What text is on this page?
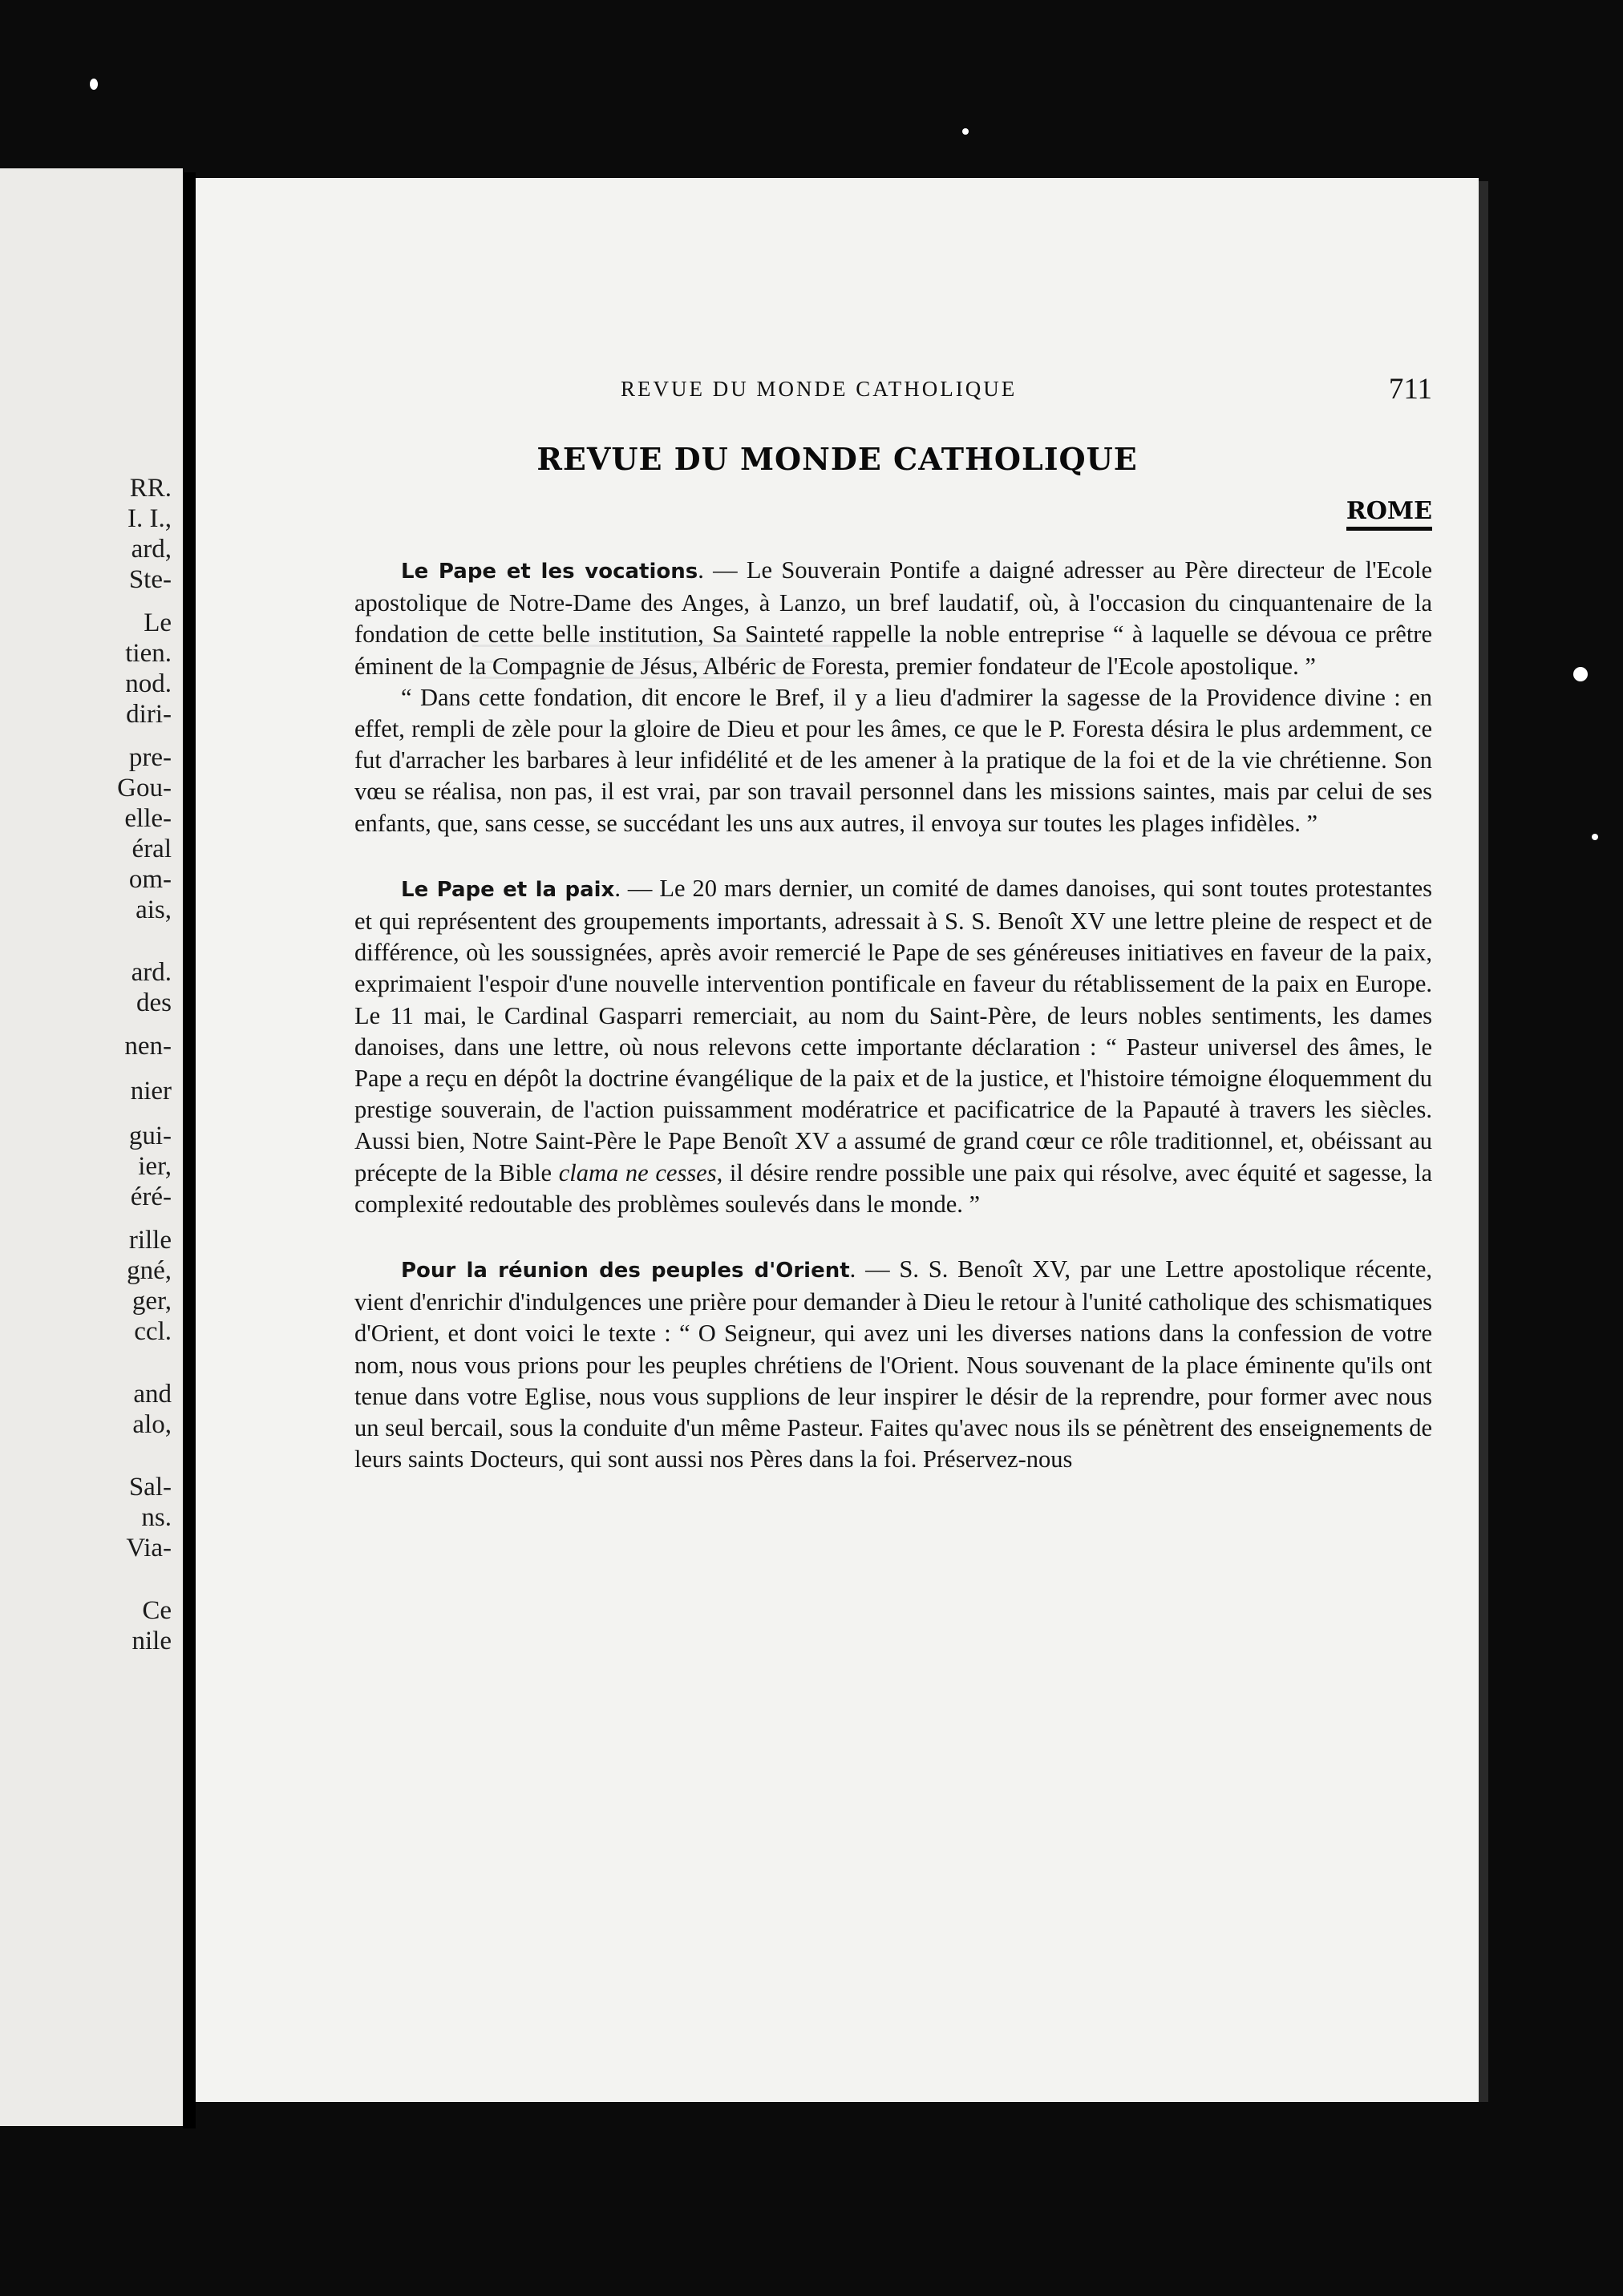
RR.
I. I.,
ard,
Ste-
Le
tien.
nod.
diri-
pre-
Gou-
elle-
éral
om-
ais,
ard.
des
nen-
nier
gui-
ier,
éré-
rille
gné,
ger,
ccl.
and
alo,
Sal-
ns.
Via-
Ce
nile
REVUE DU MONDE CATHOLIQUE	711
REVUE DU MONDE CATHOLIQUE
ROME

Le Pape et les vocations. — Le Souverain Pontife a daigné adresser au Père directeur de l'Ecole apostolique de Notre-Dame des Anges, à Lanzo, un bref laudatif, où, à l'occasion du cinquantenaire de la fondation de cette belle institution, Sa Sainteté rappelle la noble entreprise “ à laquelle se dévoua ce prêtre éminent de la Compagnie de Jésus, Albéric de Foresta, premier fondateur de l'Ecole apostolique. ”

“ Dans cette fondation, dit encore le Bref, il y a lieu d'admirer la sagesse de la Providence divine : en effet, rempli de zèle pour la gloire de Dieu et pour les âmes, ce que le P. Foresta désira le plus ardemment, ce fut d'arracher les barbares à leur infidélité et de les amener à la pratique de la foi et de la vie chrétienne. Son vœu se réalisa, non pas, il est vrai, par son travail personnel dans les missions saintes, mais par celui de ses enfants, que, sans cesse, se succédant les uns aux autres, il envoya sur toutes les plages infidèles. ”

Le Pape et la paix. — Le 20 mars dernier, un comité de dames danoises, qui sont toutes protestantes et qui représentent des groupements importants, adressait à S. S. Benoît XV une lettre pleine de respect et de différence, où les soussignées, après avoir remercié le Pape de ses généreuses initiatives en faveur de la paix, exprimaient l'espoir d'une nouvelle intervention pontificale en faveur du rétablissement de la paix en Europe. Le 11 mai, le Cardinal Gasparri remerciait, au nom du Saint-Père, de leurs nobles sentiments, les dames danoises, dans une lettre, où nous relevons cette importante déclaration : “ Pasteur universel des âmes, le Pape a reçu en dépôt la doctrine évangélique de la paix et de la justice, et l'histoire témoigne éloquemment du prestige souverain, de l'action puissamment modératrice et pacificatrice de la Papauté à travers les siècles. Aussi bien, Notre Saint-Père le Pape Benoît XV a assumé de grand cœur ce rôle traditionnel, et, obéissant au précepte de la Bible clama ne cesses, il désire rendre possible une paix qui résolve, avec équité et sagesse, la complexité redoutable des problèmes soulevés dans le monde. ”

Pour la réunion des peuples d'Orient. — S. S. Benoît XV, par une Lettre apostolique récente, vient d'enrichir d'indulgences une prière pour demander à Dieu le retour à l'unité catholique des schismatiques d'Orient, et dont voici le texte : “ O Seigneur, qui avez uni les diverses nations dans la confession de votre nom, nous vous prions pour les peuples chrétiens de l'Orient. Nous souvenant de la place éminente qu'ils ont tenue dans votre Eglise, nous vous supplions de leur inspirer le désir de la reprendre, pour former avec nous un seul bercail, sous la conduite d'un même Pasteur. Faites qu'avec nous ils se pénètrent des enseignements de leurs saints Docteurs, qui sont aussi nos Pères dans la foi. Préservez-nous
